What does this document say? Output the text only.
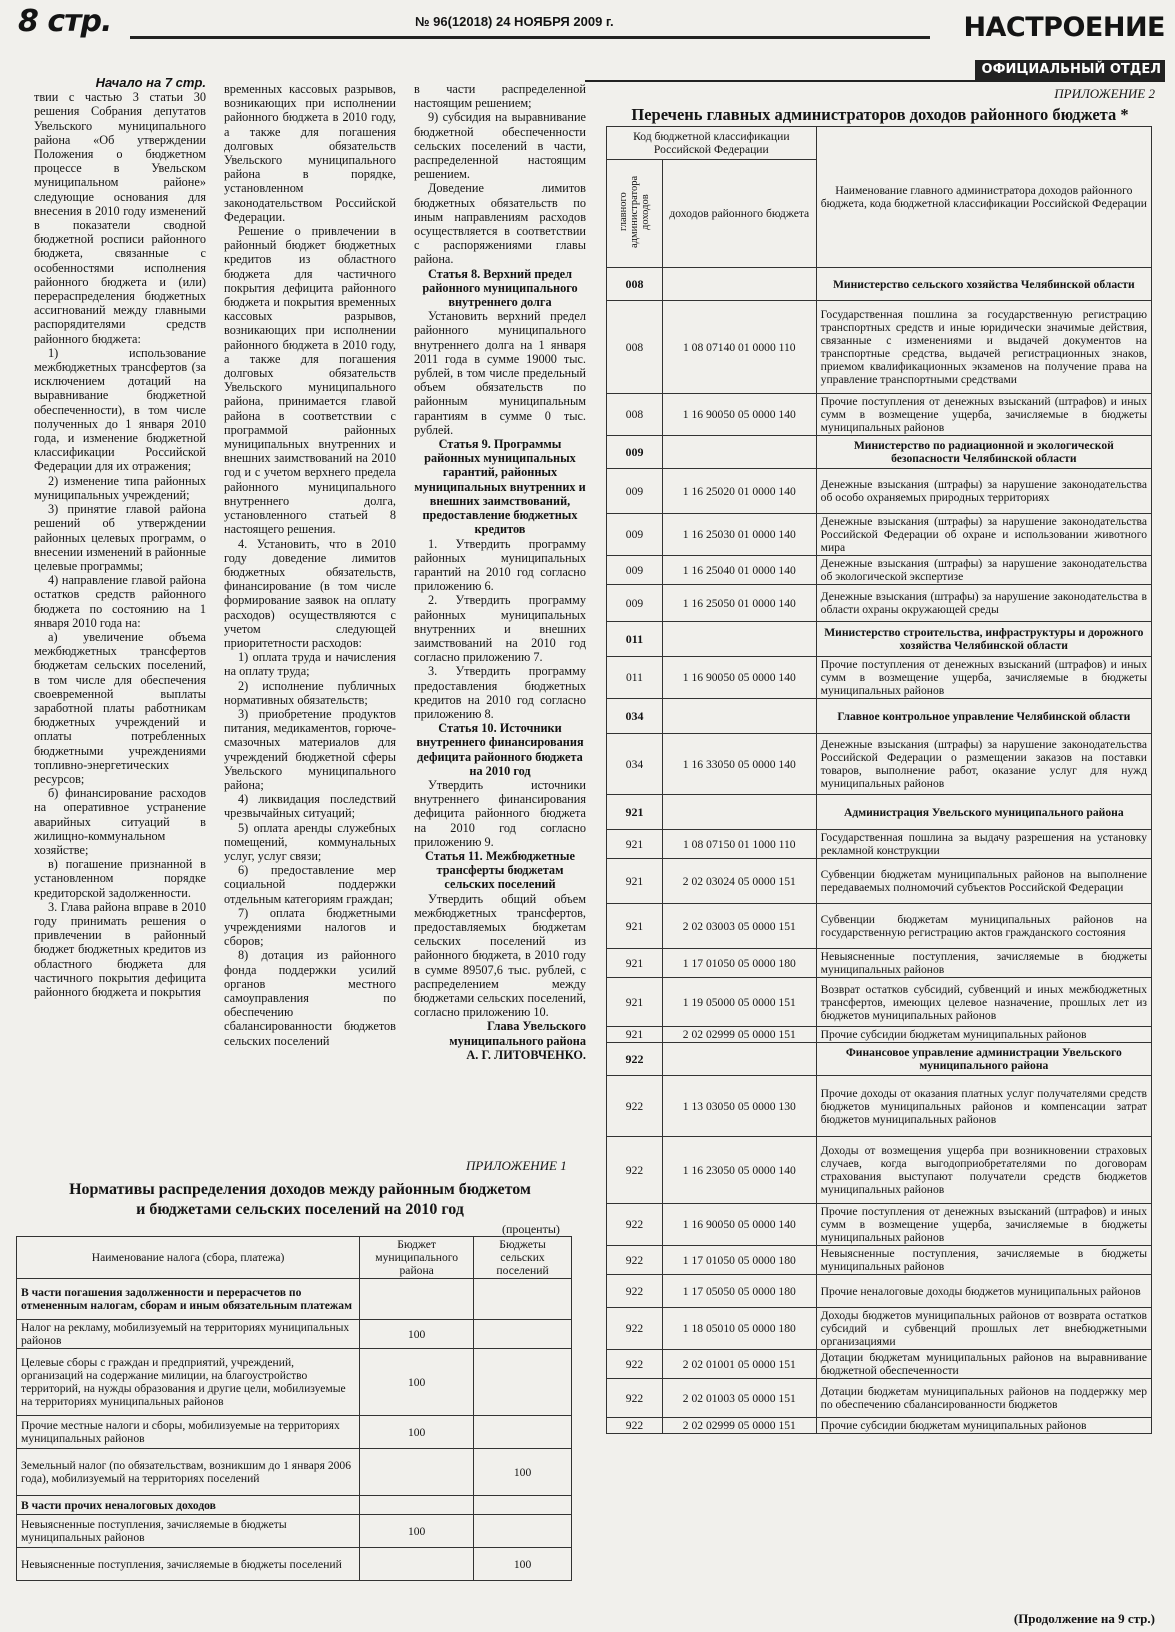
8 стр.	№ 96(12018) 24 НОЯБРЯ 2009 г.	НАСТРОЕНИЕ
ОФИЦИАЛЬНЫЙ ОТДЕЛ
Начало на 7 стр.

твии с частью 3 статьи 30 решения Собрания депутатов Увельского муниципального района «Об утверждении Положения о бюджетном процессе в Увельском муниципальном районе» следующие основания для внесения в 2010 году изменений в показатели сводной бюджетной росписи районного бюджета, связанные с особенностями исполнения районного бюджета и (или) перераспределения бюджетных ассигнований между главными распорядителями средств районного бюджета:

1) использование межбюджетных трансфертов (за исключением дотаций на выравнивание бюджетной обеспеченности), в том числе полученных до 1 января 2010 года, и изменение бюджетной классификации Российской Федерации для их отражения;

2) изменение типа районных муниципальных учреждений;

3) принятие главой района решений об утверждении районных целевых программ, о внесении изменений в районные целевые программы;

4) направление главой района остатков средств районного бюджета по состоянию на 1 января 2010 года на:

а) увеличение объема межбюджетных трансфертов бюджетам сельских поселений, в том числе для обеспечения своевременной выплаты заработной платы работникам бюджетных учреждений и оплаты потребленных бюджетными учреждениями топливно-энергетических ресурсов;

б) финансирование расходов на оперативное устранение аварийных ситуаций в жилищно-коммунальном хозяйстве;

в) погашение признанной в установленном порядке кредиторской задолженности.

3. Глава района вправе в 2010 году принимать решения о привлечении в районный бюджет бюджетных кредитов из областного бюджета для частичного покрытия дефицита районного бюджета и покрытия

временных кассовых разрывов, возникающих при исполнении районного бюджета в 2010 году, а также для погашения долговых обязательств Увельского муниципального района в порядке, установленном законодательством Российской Федерации.

Решение о привлечении в районный бюджет бюджетных кредитов из областного бюджета для частичного покрытия дефицита районного бюджета и покрытия временных кассовых разрывов, возникающих при исполнении районного бюджета в 2010 году, а также для погашения долговых обязательств Увельского муниципального района, принимается главой района в соответствии с программой районных муниципальных внутренних и внешних заимствований на 2010 год и с учетом верхнего предела районного муниципального внутреннего долга, установленного статьей 8 настоящего решения.

4. Установить, что в 2010 году доведение лимитов бюджетных обязательств, финансирование (в том числе формирование заявок на оплату расходов) осуществляются с учетом следующей приоритетности расходов:

1) оплата труда и начисления на оплату труда;

2) исполнение публичных нормативных обязательств;

3) приобретение продуктов питания, медикаментов, горюче-смазочных материалов для учреждений бюджетной сферы Увельского муниципального района;

4) ликвидация последствий чрезвычайных ситуаций;

5) оплата аренды служебных помещений, коммунальных услуг, услуг связи;

6) предоставление мер социальной поддержки отдельным категориям граждан;

7) оплата бюджетными учреждениями налогов и сборов;

8) дотация из районного фонда поддержки усилий органов местного самоуправления по обеспечению сбалансированности бюджетов сельских поселений

в части распределенной настоящим решением;

9) субсидия на выравнивание бюджетной обеспеченности сельских поселений в части, распределенной настоящим решением.

Доведение лимитов бюджетных обязательств по иным направлениям расходов осуществляется в соответствии с распоряжениями главы района.

Статья 8. Верхний предел районного муниципального внутреннего долга

Установить верхний предел районного муниципального внутреннего долга на 1 января 2011 года в сумме 19000 тыс. рублей, в том числе предельный объем обязательств по районным муниципальным гарантиям в сумме 0 тыс. рублей.

Статья 9. Программы районных муниципальных гарантий, районных муниципальных внутренних и внешних заимствований, предоставление бюджетных кредитов

1. Утвердить программу районных муниципальных гарантий на 2010 год согласно приложению 6.

2. Утвердить программу районных муниципальных внутренних и внешних заимствований на 2010 год согласно приложению 7.

3. Утвердить программу предоставления бюджетных кредитов на 2010 год согласно приложению 8.

Статья 10. Источники внутреннего финансирования дефицита районного бюджета на 2010 год

Утвердить источники внутреннего финансирования дефицита районного бюджета на 2010 год согласно приложению 9.

Статья 11. Межбюджетные трансферты бюджетам сельских поселений

Утвердить общий объем межбюджетных трансфертов, предоставляемых бюджетам сельских поселений из районного бюджета, в 2010 году в сумме 89507,6 тыс. рублей, с распределением между бюджетами сельских поселений, согласно приложению 10.

Глава Увельского муниципального района

А. Г. ЛИТОВЧЕНКО.

ПРИЛОЖЕНИЕ 1
Нормативы распределения доходов между районным бюджетом
и бюджетами сельских поселений на 2010 год
(проценты)
Наименование налога (сбора, платежа)	Бюджет муниципального района	Бюджеты сельских поселений
В части погашения задолженности и перерасчетов по отмененным налогам, сборам и иным обязательным платежам		
Налог на рекламу, мобилизуемый на территориях муниципальных районов	100	
Целевые сборы с граждан и предприятий, учреждений, организаций на содержание милиции, на благоустройство территорий, на нужды образования и другие цели, мобилизуемые на территориях муниципальных районов	100	
Прочие местные налоги и сборы, мобилизуемые на территориях муниципальных районов	100	
Земельный налог (по обязательствам, возникшим до 1 января 2006 года), мобилизуемый на территориях поселений		100
В части прочих неналоговых доходов		
Невыясненные поступления, зачисляемые в бюджеты муниципальных районов	100	
Невыясненные поступления, зачисляемые в бюджеты поселений		100
ПРИЛОЖЕНИЕ 2
Перечень главных администраторов доходов районного бюджета *
Код бюджетной классификации Российской Федерации		Наименование главного администратора доходов районного бюджета, кода бюджетной классификации Российской Федерации
главного администратора доходов	доходов районного бюджета	
008		Министерство сельского хозяйства Челябинской области
008	1 08 07140 01 0000 110	Государственная пошлина за государственную регистрацию транспортных средств и иные юридически значимые действия, связанные с изменениями и выдачей документов на транспортные средства, выдачей регистрационных знаков, приемом квалификационных экзаменов на получение права на управление транспортными средствами
008	1 16 90050 05 0000 140	Прочие поступления от денежных взысканий (штрафов) и иных сумм в возмещение ущерба, зачисляемые в бюджеты муниципальных районов
009		Министерство по радиационной и экологической безопасности Челябинской области
009	1 16 25020 01 0000 140	Денежные взыскания (штрафы) за нарушение законодательства об особо охраняемых природных территориях
009	1 16 25030 01 0000 140	Денежные взыскания (штрафы) за нарушение законодательства Российской Федерации об охране и использовании животного мира
009	1 16 25040 01 0000 140	Денежные взыскания (штрафы) за нарушение законодательства об экологической экспертизе
009	1 16 25050 01 0000 140	Денежные взыскания (штрафы) за нарушение законодательства в области охраны окружающей среды
011		Министерство строительства, инфраструктуры и дорожного хозяйства Челябинской области
011	1 16 90050 05 0000 140	Прочие поступления от денежных взысканий (штрафов) и иных сумм в возмещение ущерба, зачисляемые в бюджеты муниципальных районов
034		Главное контрольное управление Челябинской области
034	1 16 33050 05 0000 140	Денежные взыскания (штрафы) за нарушение законодательства Российской Федерации о размещении заказов на поставки товаров, выполнение работ, оказание услуг для нужд муниципальных районов
921		Администрация Увельского муниципального района
921	1 08 07150 01 1000 110	Государственная пошлина за выдачу разрешения на установку рекламной конструкции
921	2 02 03024 05 0000 151	Субвенции бюджетам муниципальных районов на выполнение передаваемых полномочий субъектов Российской Федерации
921	2 02 03003 05 0000 151	Субвенции бюджетам муниципальных районов на государственную регистрацию актов гражданского состояния
921	1 17 01050 05 0000 180	Невыясненные поступления, зачисляемые в бюджеты муниципальных районов
921	1 19 05000 05 0000 151	Возврат остатков субсидий, субвенций и иных межбюджетных трансфертов, имеющих целевое назначение, прошлых лет из бюджетов муниципальных районов
921	2 02 02999 05 0000 151	Прочие субсидии бюджетам муниципальных районов
922		Финансовое управление администрации Увельского муниципального района
922	1 13 03050 05 0000 130	Прочие доходы от оказания платных услуг получателями средств бюджетов муниципальных районов и компенсации затрат бюджетов муниципальных районов
922	1 16 23050 05 0000 140	Доходы от возмещения ущерба при возникновении страховых случаев, когда выгодоприобретателями по договорам страхования выступают получатели средств бюджетов муниципальных районов
922	1 16 90050 05 0000 140	Прочие поступления от денежных взысканий (штрафов) и иных сумм в возмещение ущерба, зачисляемые в бюджеты муниципальных районов
922	1 17 01050 05 0000 180	Невыясненные поступления, зачисляемые в бюджеты муниципальных районов
922	1 17 05050 05 0000 180	Прочие неналоговые доходы бюджетов муниципальных районов
922	1 18 05010 05 0000 180	Доходы бюджетов муниципальных районов от возврата остатков субсидий и субвенций прошлых лет внебюджетными организациями
922	2 02 01001 05 0000 151	Дотации бюджетам муниципальных районов на выравнивание бюджетной обеспеченности
922	2 02 01003 05 0000 151	Дотации бюджетам муниципальных районов на поддержку мер по обеспечению сбалансированности бюджетов
922	2 02 02999 05 0000 151	Прочие субсидии бюджетам муниципальных районов
(Продолжение на 9 стр.)
